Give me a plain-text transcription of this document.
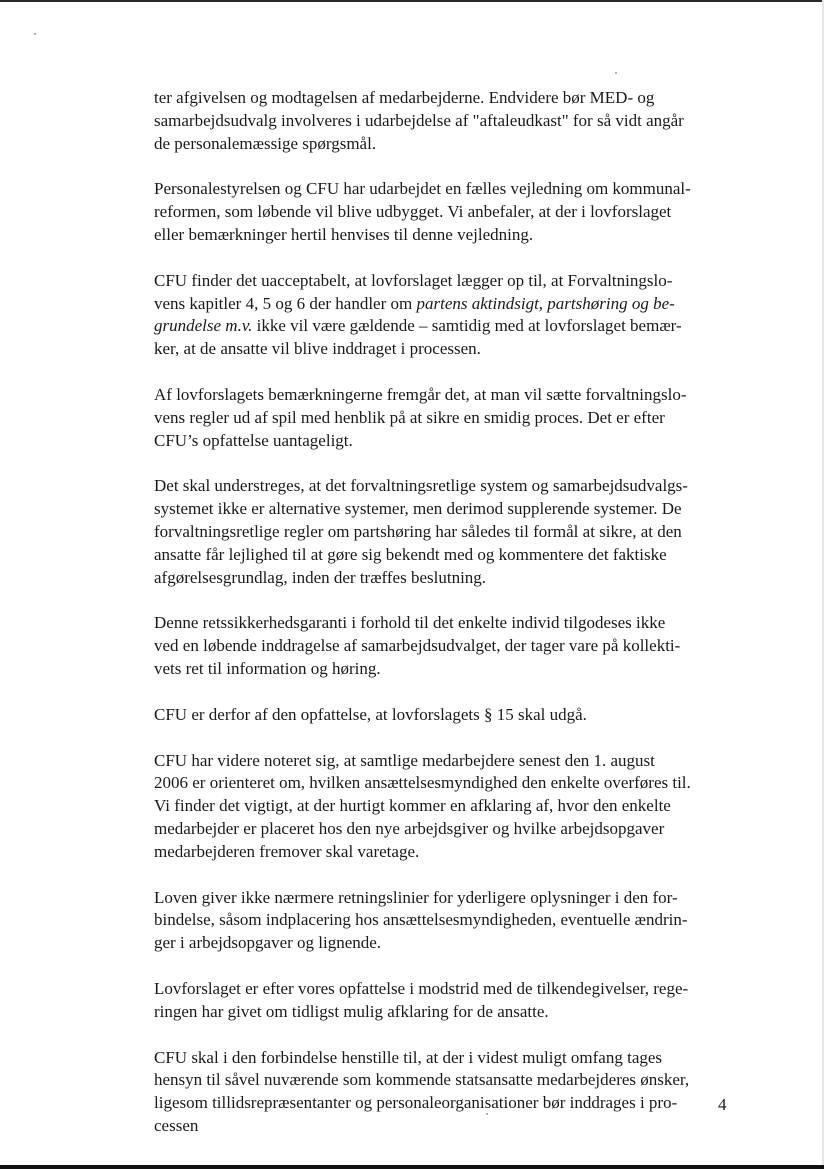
ter afgivelsen og modtagelsen af medarbejderne. Endvidere bør MED- og
samarbejdsudvalg involveres i udarbejdelse af "aftaleudkast" for så vidt angår
de personalemæssige spørgsmål.

Personalestyrelsen og CFU har udarbejdet en fælles vejledning om kommunal-
reformen, som løbende vil blive udbygget. Vi anbefaler, at der i lovforslaget
eller bemærkninger hertil henvises til denne vejledning.

CFU finder det uacceptabelt, at lovforslaget lægger op til, at Forvaltningslo-
vens kapitler 4, 5 og 6 der handler om partens aktindsigt, partshøring og be-
grundelse m.v. ikke vil være gældende – samtidig med at lovforslaget bemær-
ker, at de ansatte vil blive inddraget i processen.

Af lovforslagets bemærkningerne fremgår det, at man vil sætte forvaltningslo-
vens regler ud af spil med henblik på at sikre en smidig proces. Det er efter
CFU’s opfattelse uantageligt.

Det skal understreges, at det forvaltningsretlige system og samarbejdsudvalgs-
systemet ikke er alternative systemer, men derimod supplerende systemer. De
forvaltningsretlige regler om partshøring har således til formål at sikre, at den
ansatte får lejlighed til at gøre sig bekendt med og kommentere det faktiske
afgørelsesgrundlag, inden der træffes beslutning.

Denne retssikkerhedsgaranti i forhold til det enkelte individ tilgodeses ikke
ved en løbende inddragelse af samarbejdsudvalget, der tager vare på kollekti-
vets ret til information og høring.

CFU er derfor af den opfattelse, at lovforslagets § 15 skal udgå.

CFU har videre noteret sig, at samtlige medarbejdere senest den 1. august
2006 er orienteret om, hvilken ansættelsesmyndighed den enkelte overføres til.
Vi finder det vigtigt, at der hurtigt kommer en afklaring af, hvor den enkelte
medarbejder er placeret hos den nye arbejdsgiver og hvilke arbejdsopgaver
medarbejderen fremover skal varetage.

Loven giver ikke nærmere retningslinier for yderligere oplysninger i den for-
bindelse, såsom indplacering hos ansættelsesmyndigheden, eventuelle ændrin-
ger i arbejdsopgaver og lignende.

Lovforslaget er efter vores opfattelse i modstrid med de tilkendegivelser, rege-
ringen har givet om tidligst mulig afklaring for de ansatte.

CFU skal i den forbindelse henstille til, at der i videst muligt omfang tages
hensyn til såvel nuværende som kommende statsansatte medarbejderes ønsker,
ligesom tillidsrepræsentanter og personaleorganisationer bør inddrages i pro-
cessen

4
